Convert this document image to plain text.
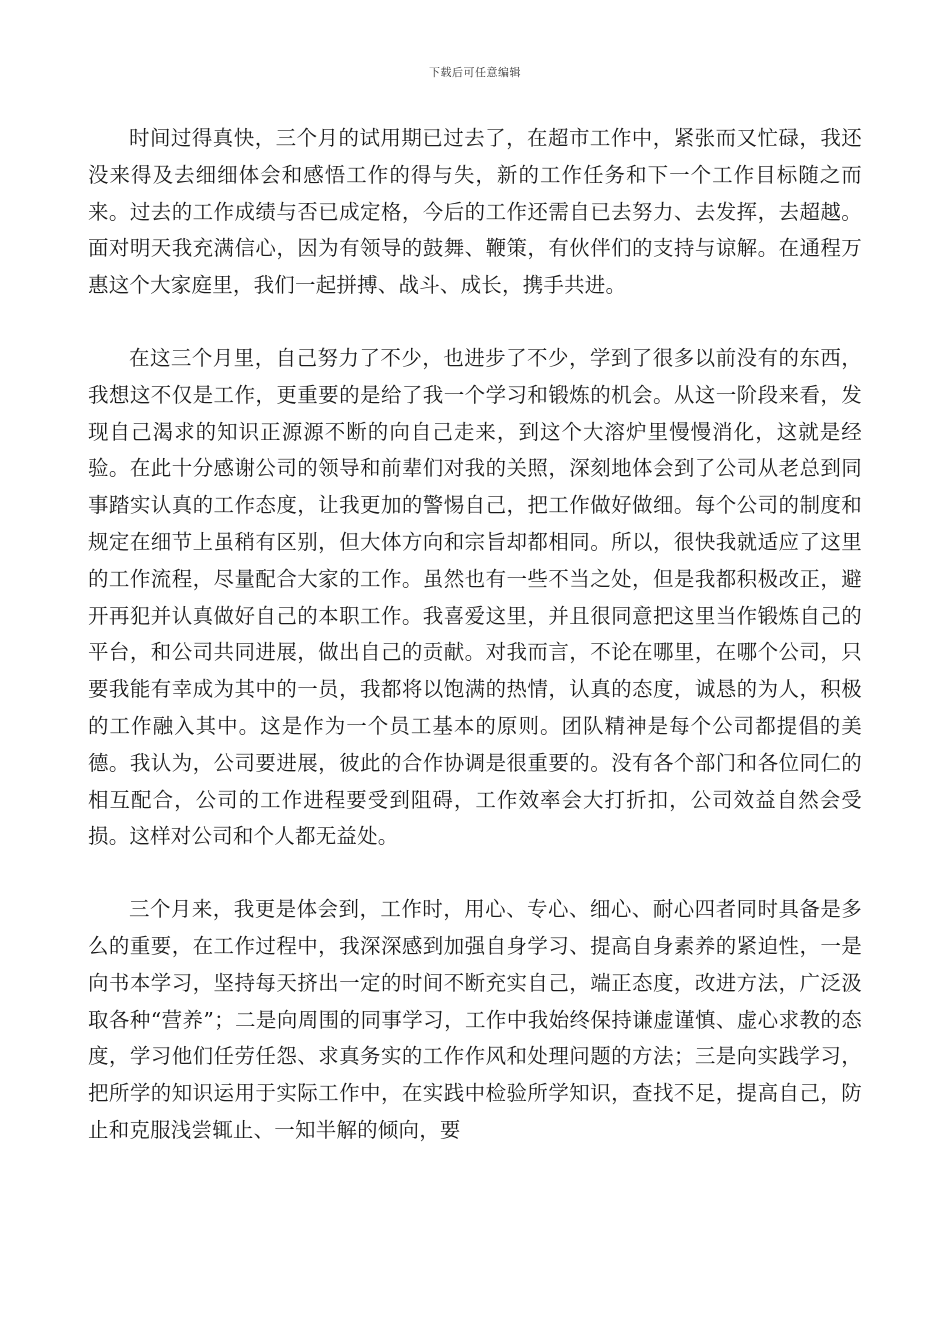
下载后可任意编辑

时间过得真快，三个月的试用期已过去了，在超市工作中，紧张而又忙碌，我还没来得及去细细体会和感悟工作的得与失，新的工作任务和下一个工作目标随之而来。过去的工作成绩与否已成定格，今后的工作还需自已去努力、去发挥，去超越。面对明天我充满信心，因为有领导的鼓舞、鞭策，有伙伴们的支持与谅解。在通程万惠这个大家庭里，我们一起拼搏、战斗、成长，携手共进。

在这三个月里，自己努力了不少，也进步了不少，学到了很多以前没有的东西，我想这不仅是工作，更重要的是给了我一个学习和锻炼的机会。从这一阶段来看，发现自己渴求的知识正源源不断的向自己走来，到这个大溶炉里慢慢消化，这就是经验。在此十分感谢公司的领导和前辈们对我的关照，深刻地体会到了公司从老总到同事踏实认真的工作态度，让我更加的警惕自己，把工作做好做细。每个公司的制度和规定在细节上虽稍有区别，但大体方向和宗旨却都相同。所以，很快我就适应了这里的工作流程，尽量配合大家的工作。虽然也有一些不当之处，但是我都积极改正，避开再犯并认真做好自己的本职工作。我喜爱这里，并且很同意把这里当作锻炼自己的平台，和公司共同进展，做出自己的贡献。对我而言，不论在哪里，在哪个公司，只要我能有幸成为其中的一员，我都将以饱满的热情，认真的态度，诚恳的为人，积极的工作融入其中。这是作为一个员工基本的原则。团队精神是每个公司都提倡的美德。我认为，公司要进展，彼此的合作协调是很重要的。没有各个部门和各位同仁的相互配合，公司的工作进程要受到阻碍，工作效率会大打折扣，公司效益自然会受损。这样对公司和个人都无益处。

三个月来，我更是体会到，工作时，用心、专心、细心、耐心四者同时具备是多么的重要，在工作过程中，我深深感到加强自身学习、提高自身素养的紧迫性，一是向书本学习，坚持每天挤出一定的时间不断充实自己，端正态度，改进方法，广泛汲取各种“营养”；二是向周围的同事学习，工作中我始终保持谦虚谨慎、虚心求教的态度，学习他们任劳任怨、求真务实的工作作风和处理问题的方法；三是向实践学习，把所学的知识运用于实际工作中，在实践中检验所学知识，查找不足，提高自己，防止和克服浅尝辄止、一知半解的倾向，要
